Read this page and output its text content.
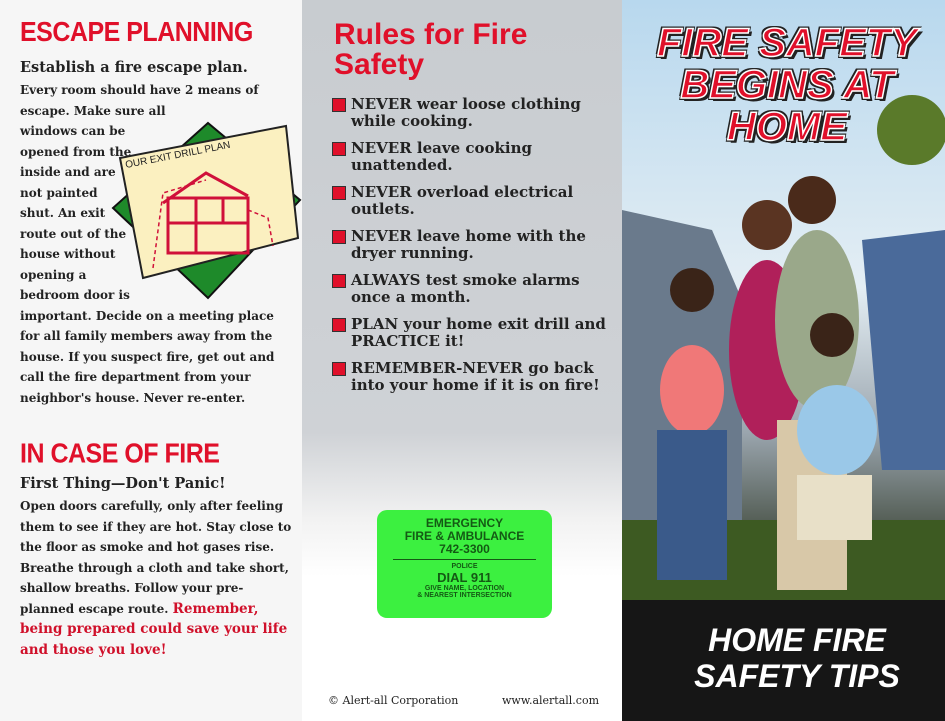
ESCAPE PLANNING
Establish a fire escape plan.
Every room should have 2 means of escape. Make sure all
windows can be opened from the inside and are not painted shut. An exit route out of the house without opening a bedroom door is
important. Decide on a meeting place for all family members away from the house. If you suspect fire, get out and call the fire department from your neighbor's house. Never re-enter.
OUR EXIT DRILL PLAN
IN CASE OF FIRE
First Thing—Don't Panic!
Open doors carefully, only after feeling them to see if they are hot. Stay close to the floor as smoke and hot gases rise. Breathe through a cloth and take short, shallow breaths. Follow your pre-planned escape route. Remember, being prepared could save your life and those you love!
Rules for Fire Safety
NEVER wear loose clothing while cooking.
NEVER leave cooking unattended.
NEVER overload electrical outlets.
NEVER leave home with the dryer running.
ALWAYS test smoke alarms once a month.
PLAN your home exit drill and PRACTICE it!
REMEMBER-NEVER go back into your home if it is on fire!
EMERGENCY
FIRE & AMBULANCE
742-3300
POLICE
DIAL 911
GIVE NAME, LOCATION
& NEAREST INTERSECTION
© Alert-all Corporation	www.alertall.com
FIRE SAFETY BEGINS AT HOME
HOME FIRE SAFETY TIPS
